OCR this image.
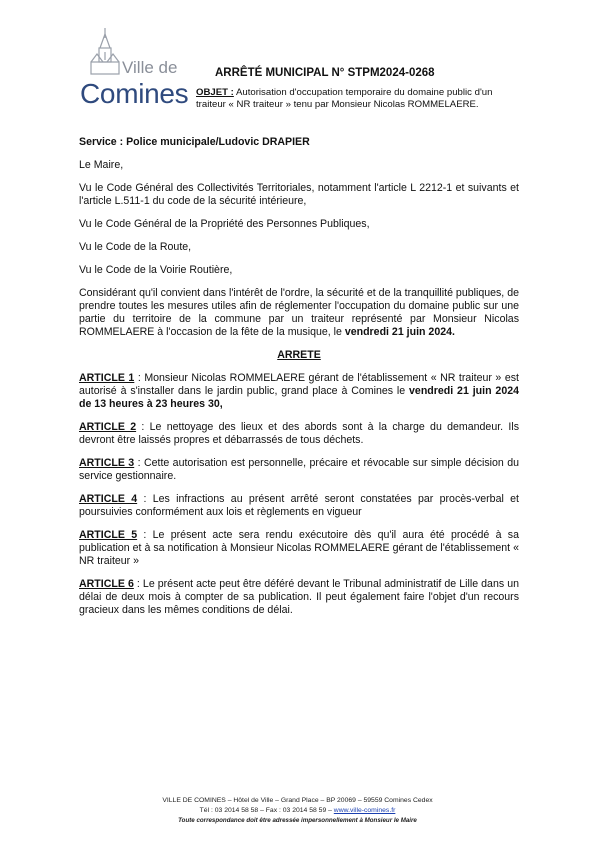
Ville de
Comines
ARRÊTÉ MUNICIPAL N° STPM2024-0268
OBJET : Autorisation d'occupation temporaire du domaine public d'un traiteur « NR traiteur » tenu par Monsieur Nicolas ROMMELAERE.

Service : Police municipale/Ludovic DRAPIER

Le Maire,

Vu le Code Général des Collectivités Territoriales, notamment l'article L 2212-1 et suivants et l'article L.511-1 du code de la sécurité intérieure,

Vu le Code Général de la Propriété des Personnes Publiques,

Vu le Code de la Route,

Vu le Code de la Voirie Routière,

Considérant qu'il convient dans l'intérêt de l'ordre, la sécurité et de la tranquillité publiques, de prendre toutes les mesures utiles afin de réglementer l'occupation du domaine public sur une partie du territoire de la commune par un traiteur représenté par Monsieur Nicolas ROMMELAERE à l'occasion de la fête de la musique, le vendredi 21 juin 2024.

ARRETE

ARTICLE 1 : Monsieur Nicolas ROMMELAERE gérant de l'établissement « NR traiteur » est autorisé à s'installer dans le jardin public, grand place à Comines le vendredi 21 juin 2024 de 13 heures à 23 heures 30,

ARTICLE 2 : Le nettoyage des lieux et des abords sont à la charge du demandeur. Ils devront être laissés propres et débarrassés de tous déchets.

ARTICLE 3 : Cette autorisation est personnelle, précaire et révocable sur simple décision du service gestionnaire.

ARTICLE 4 : Les infractions au présent arrêté seront constatées par procès-verbal et poursuivies conformément aux lois et règlements en vigueur

ARTICLE 5 : Le présent acte sera rendu exécutoire dès qu'il aura été procédé à sa publication et à sa notification à Monsieur Nicolas ROMMELAERE gérant de l'établissement « NR traiteur »

ARTICLE 6 : Le présent acte peut être déféré devant le Tribunal administratif de Lille dans un délai de deux mois à compter de sa publication. Il peut également faire l'objet d'un recours gracieux dans les mêmes conditions de délai.

VILLE DE COMINES – Hôtel de Ville – Grand Place – BP 20069 – 59559 Comines Cedex
Tél : 03 2014 58 58 – Fax : 03 2014 58 59 – www.ville-comines.fr
Toute correspondance doit être adressée impersonnellement à Monsieur le Maire
